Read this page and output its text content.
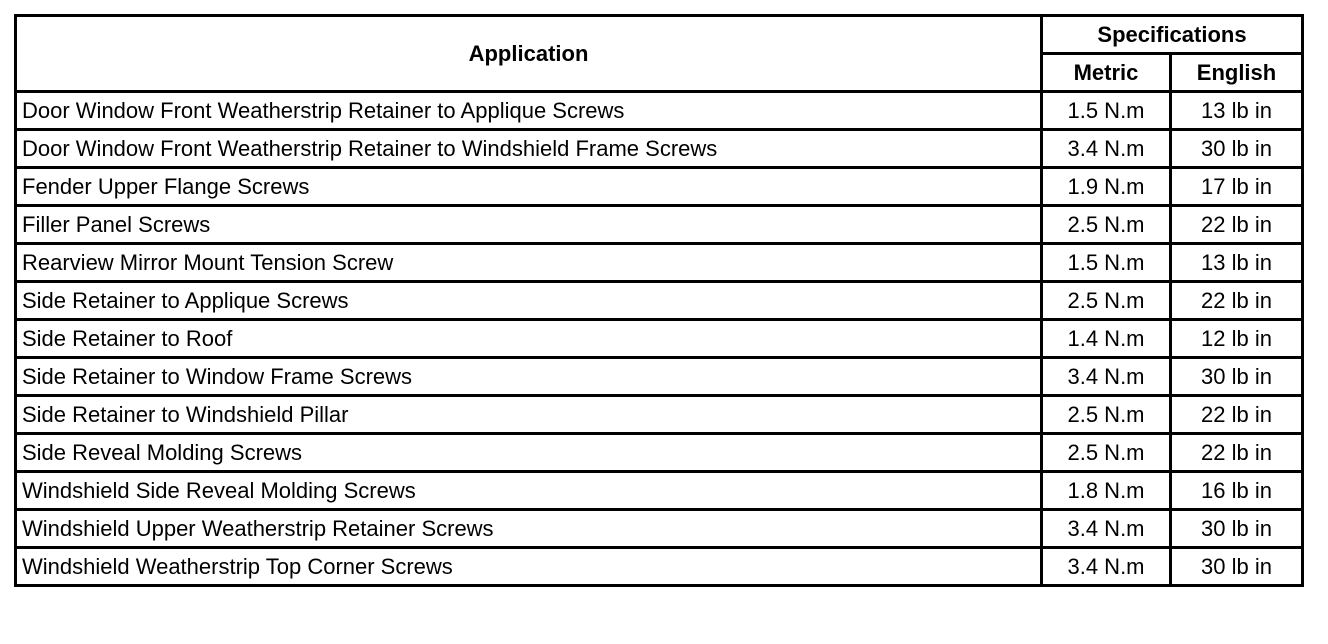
Application	Specifications	
	Metric	English
Door Window Front Weatherstrip Retainer to Applique Screws	1.5 N.m	13 lb in
Door Window Front Weatherstrip Retainer to Windshield Frame Screws	3.4 N.m	30 lb in
Fender Upper Flange Screws	1.9 N.m	17 lb in
Filler Panel Screws	2.5 N.m	22 lb in
Rearview Mirror Mount Tension Screw	1.5 N.m	13 lb in
Side Retainer to Applique Screws	2.5 N.m	22 lb in
Side Retainer to Roof	1.4 N.m	12 lb in
Side Retainer to Window Frame Screws	3.4 N.m	30 lb in
Side Retainer to Windshield Pillar	2.5 N.m	22 lb in
Side Reveal Molding Screws	2.5 N.m	22 lb in
Windshield Side Reveal Molding Screws	1.8 N.m	16 lb in
Windshield Upper Weatherstrip Retainer Screws	3.4 N.m	30 lb in
Windshield Weatherstrip Top Corner Screws	3.4 N.m	30 lb in
